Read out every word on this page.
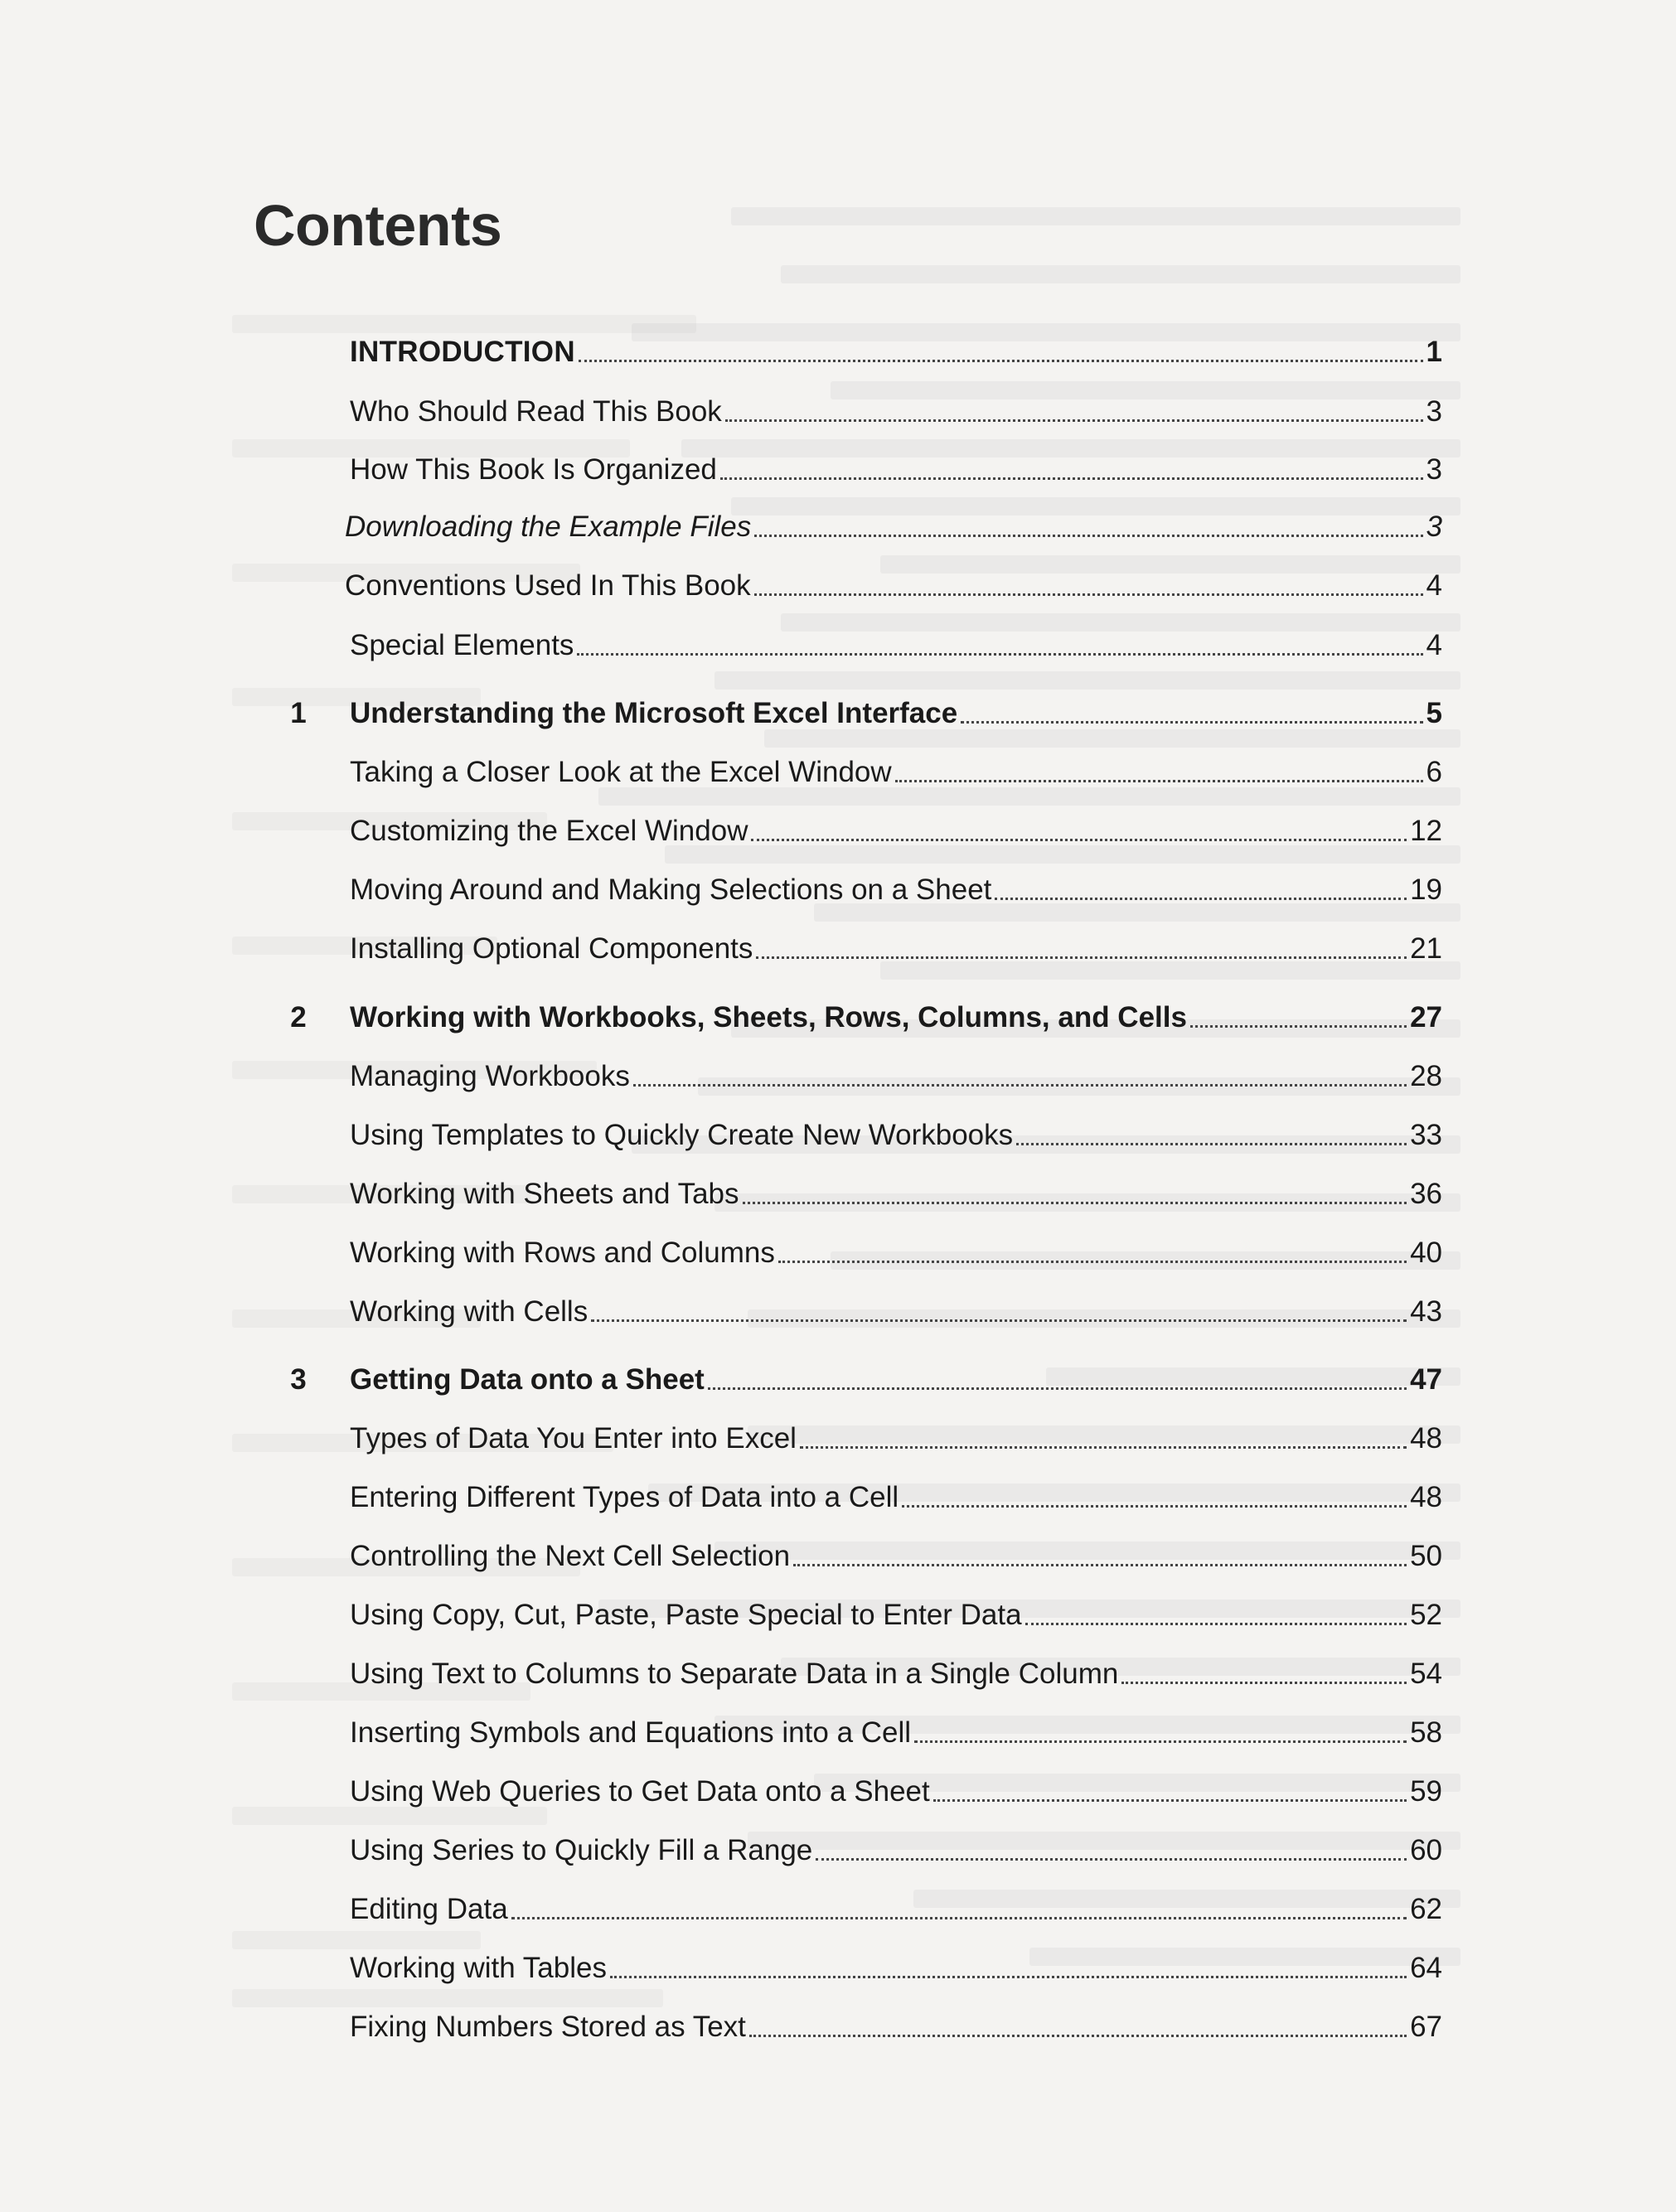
Contents
INTRODUCTION	1
Who Should Read This Book	3
How This Book Is Organized	3
Downloading the Example Files	3
Conventions Used In This Book	4
Special Elements	4
1	Understanding the Microsoft Excel Interface	5
Taking a Closer Look at the Excel Window	6
Customizing the Excel Window	12
Moving Around and Making Selections on a Sheet	19
Installing Optional Components	21
2	Working with Workbooks, Sheets, Rows, Columns, and Cells	27
Managing Workbooks	28
Using Templates to Quickly Create New Workbooks	33
Working with Sheets and Tabs	36
Working with Rows and Columns	40
Working with Cells	43
3	Getting Data onto a Sheet	47
Types of Data You Enter into Excel	48
Entering Different Types of Data into a Cell	48
Controlling the Next Cell Selection	50
Using Copy, Cut, Paste, Paste Special to Enter Data	52
Using Text to Columns to Separate Data in a Single Column	54
Inserting Symbols and Equations into a Cell	58
Using Web Queries to Get Data onto a Sheet	59
Using Series to Quickly Fill a Range	60
Editing Data	62
Working with Tables	64
Fixing Numbers Stored as Text	67
